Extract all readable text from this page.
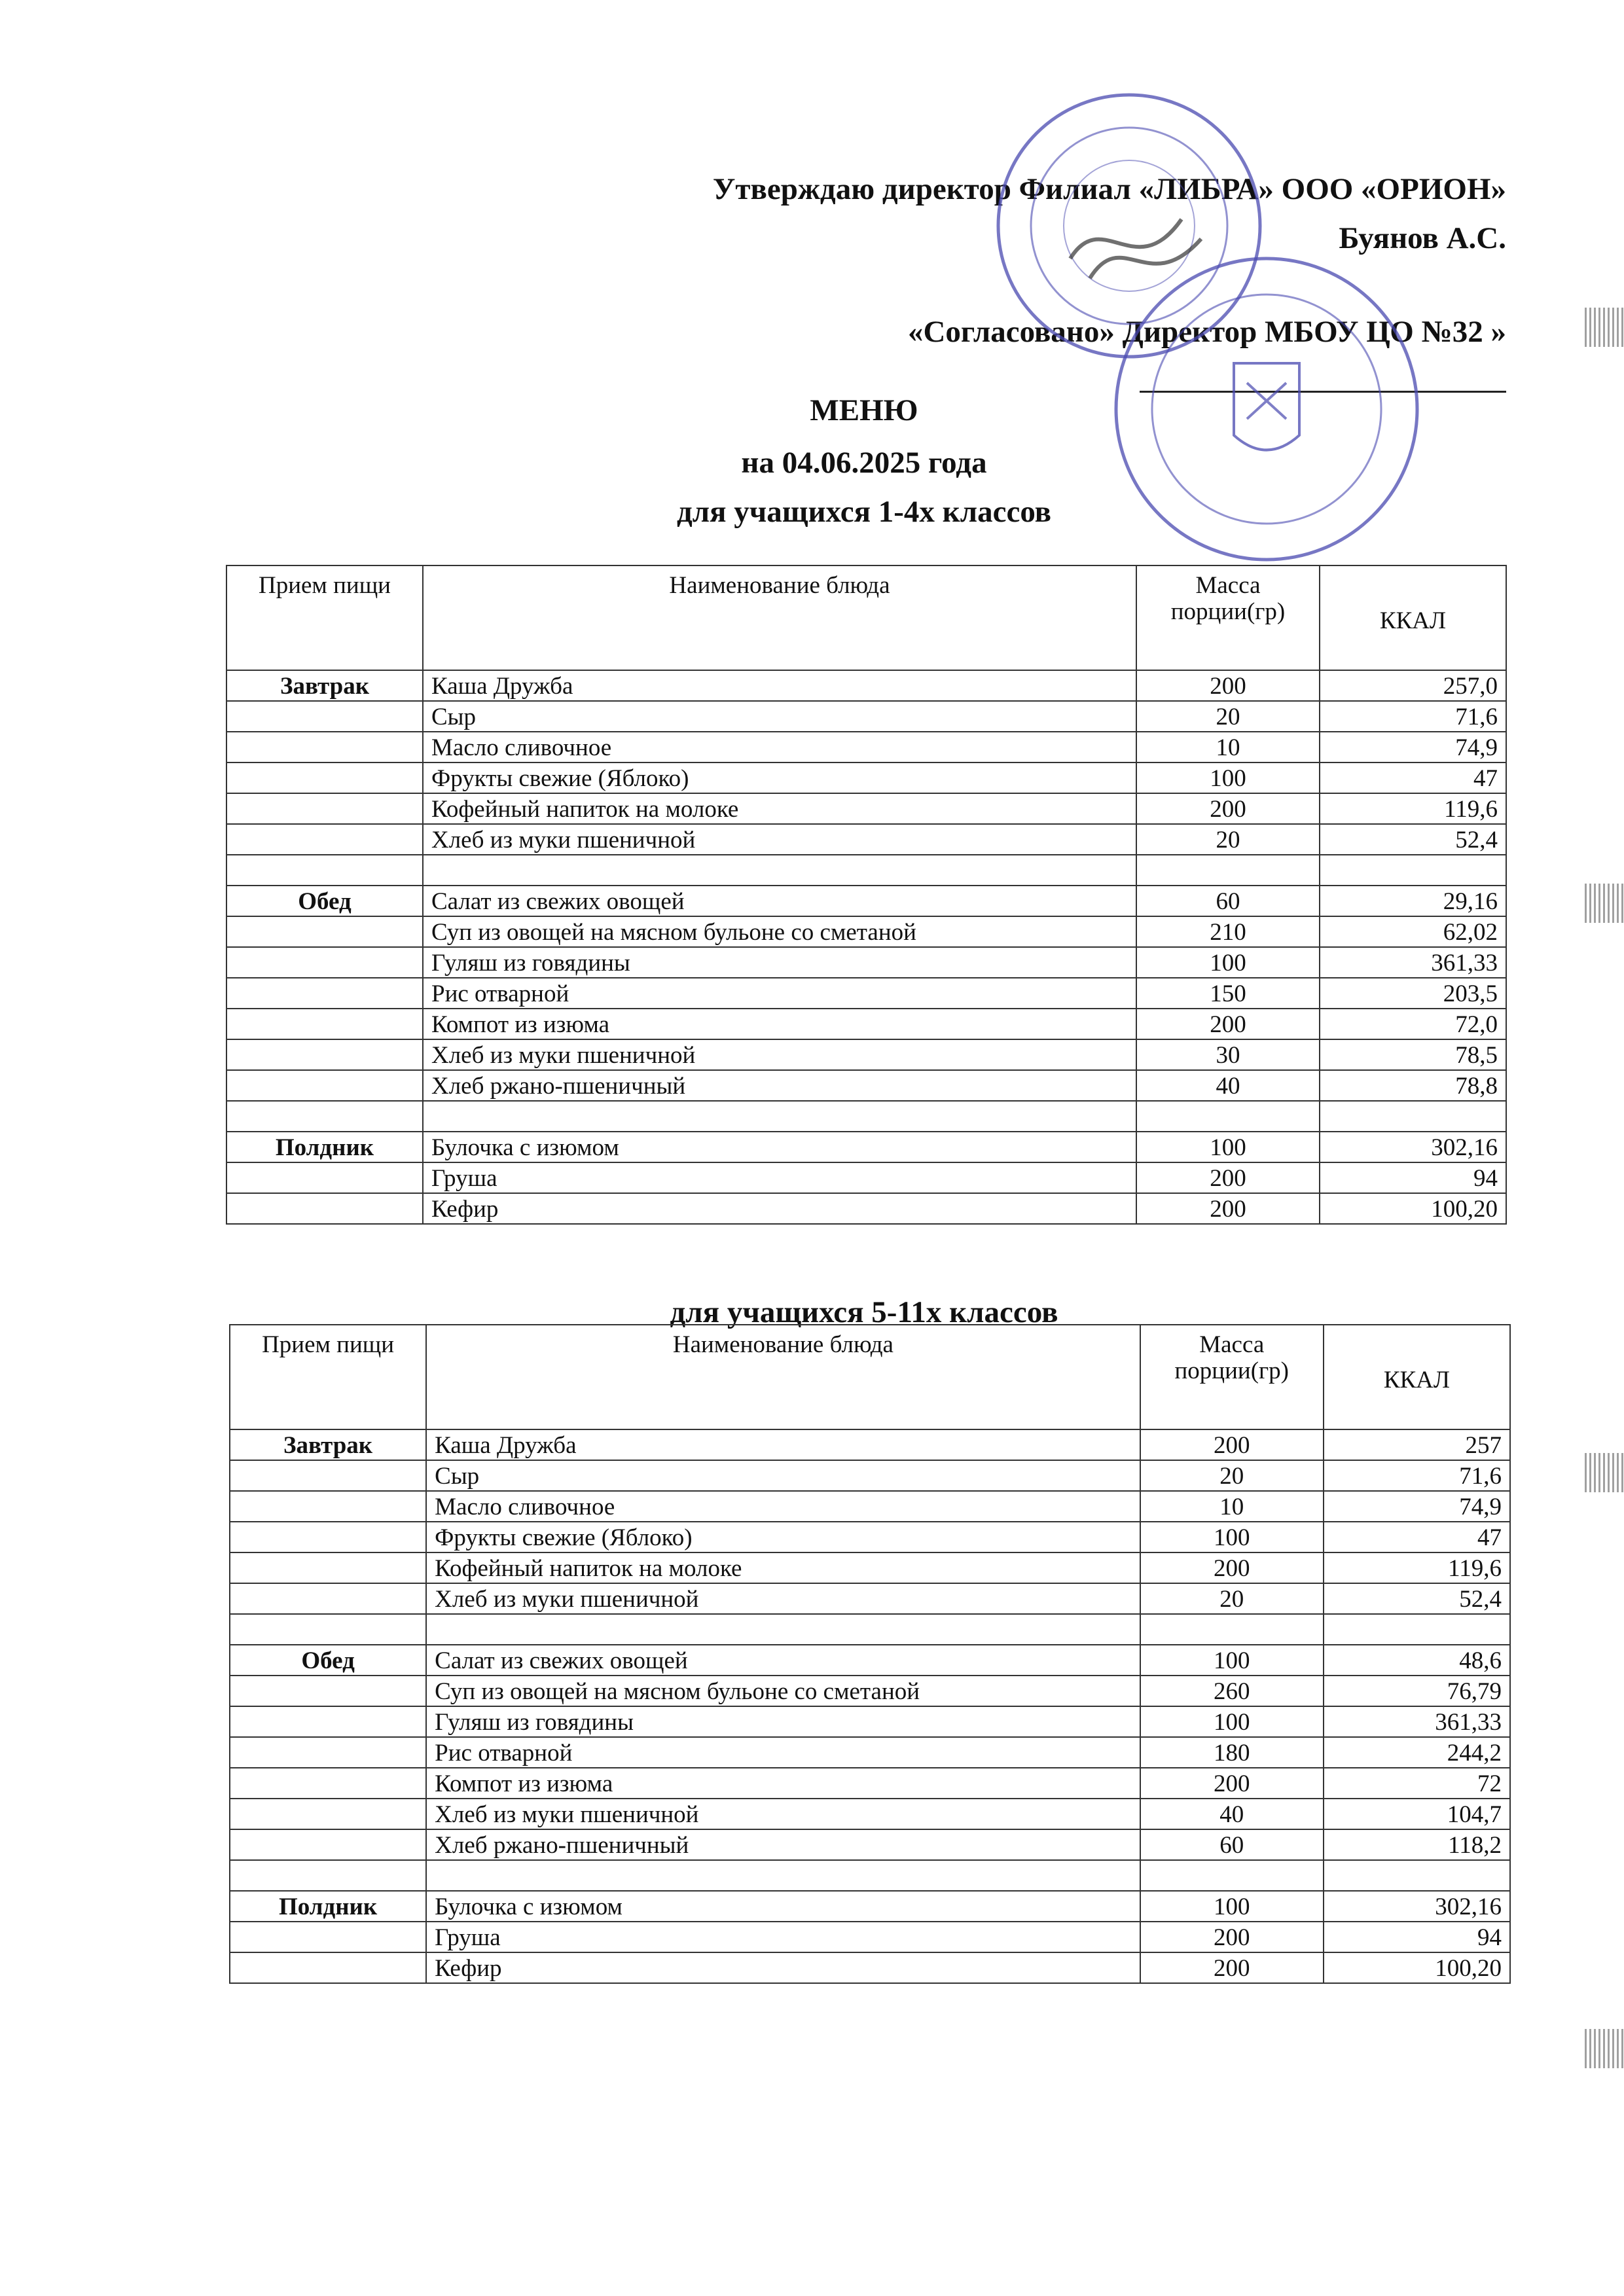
Утверждаю директор Филиал «ЛИБРА» ООО «ОРИОН»
Буянов А.С.
«Согласовано» Директор МБОУ ЦО №32 »
МЕНЮ
на 04.06.2025 года
для учащихся 1-4х классов
Прием пищи	Наименование блюда	Масса порции(гр)	ККАЛ
Завтрак	Каша Дружба	200	257,0
	Сыр	20	71,6
	Масло сливочное	10	74,9
	Фрукты свежие (Яблоко)	100	47
	Кофейный напиток на молоке	200	119,6
	Хлеб из муки пшеничной	20	52,4

Обед	Салат из свежих овощей	60	29,16
	Суп из овощей на мясном бульоне со сметаной	210	62,02
	Гуляш из говядины	100	361,33
	Рис отварной	150	203,5
	Компот из изюма	200	72,0
	Хлеб из муки пшеничной	30	78,5
	Хлеб ржано-пшеничный	40	78,8

Полдник	Булочка с изюмом	100	302,16
	Груша	200	94
	Кефир	200	100,20
для учащихся 5-11х классов
Прием пищи	Наименование блюда	Масса порции(гр)	ККАЛ
Завтрак	Каша Дружба	200	257
	Сыр	20	71,6
	Масло сливочное	10	74,9
	Фрукты свежие (Яблоко)	100	47
	Кофейный напиток на молоке	200	119,6
	Хлеб из муки пшеничной	20	52,4

Обед	Салат из свежих овощей	100	48,6
	Суп из овощей на мясном бульоне со сметаной	260	76,79
	Гуляш из говядины	100	361,33
	Рис отварной	180	244,2
	Компот из изюма	200	72
	Хлеб из муки пшеничной	40	104,7
	Хлеб ржано-пшеничный	60	118,2

Полдник	Булочка с изюмом	100	302,16
	Груша	200	94
	Кефир	200	100,20
